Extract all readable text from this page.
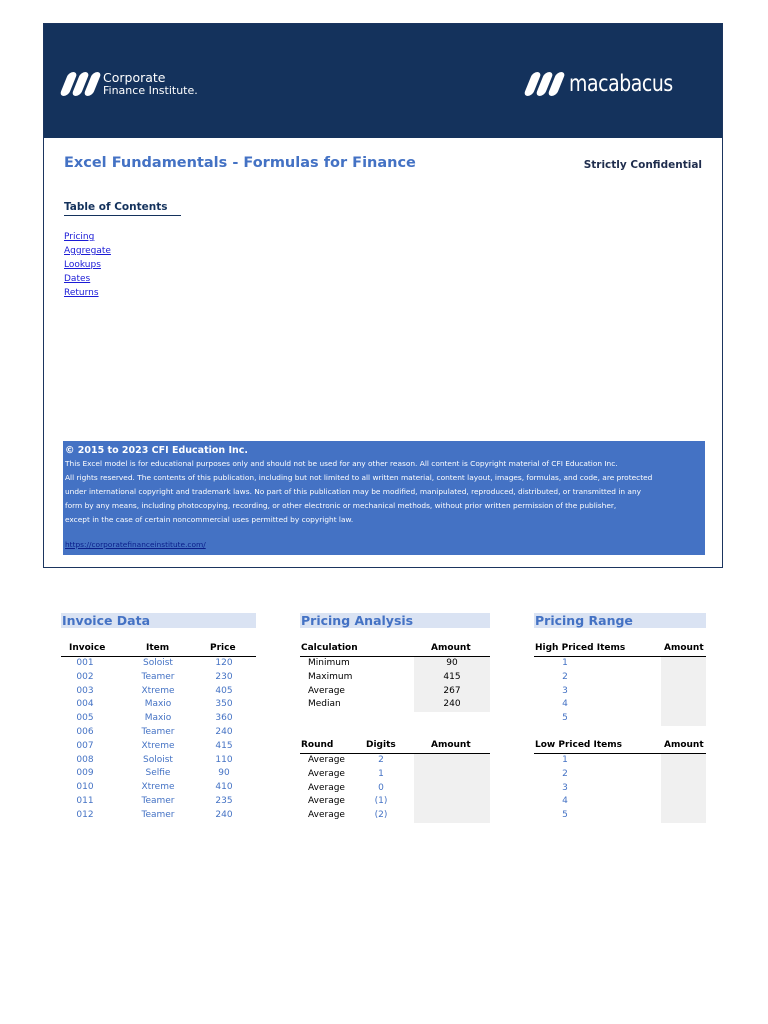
Corporate
Finance Institute.	macabacus
Excel Fundamentals - Formulas for Finance	Strictly Confidential
Table of Contents
Pricing
Aggregate
Lookups
Dates
Returns
© 2015 to 2023 CFI Education Inc.
This Excel model is for educational purposes only and should not be used for any other reason. All content is Copyright material of CFI Education Inc.
All rights reserved. The contents of this publication, including but not limited to all written material, content layout, images, formulas, and code, are protected
under international copyright and trademark laws. No part of this publication may be modified, manipulated, reproduced, distributed, or transmitted in any
form by any means, including photocopying, recording, or other electronic or mechanical methods, without prior written permission of the publisher,
except in the case of certain noncommercial uses permitted by copyright law.
https://corporatefinanceinstitute.com/
Invoice Data	Pricing Analysis	Pricing Range
Invoice	Item	Price
001	Soloist	120
002	Teamer	230
003	Xtreme	405
004	Maxio	350
005	Maxio	360
006	Teamer	240
007	Xtreme	415
008	Soloist	110
009	Selfie	90
010	Xtreme	410
011	Teamer	235
012	Teamer	240
Calculation	Amount
Minimum	90
Maximum	415
Average	267
Median	240
Round	Digits	Amount
Average	2
Average	1
Average	0
Average	(1)
Average	(2)
High Priced Items	Amount
1
2
3
4
5
Low Priced Items	Amount
1
2
3
4
5
